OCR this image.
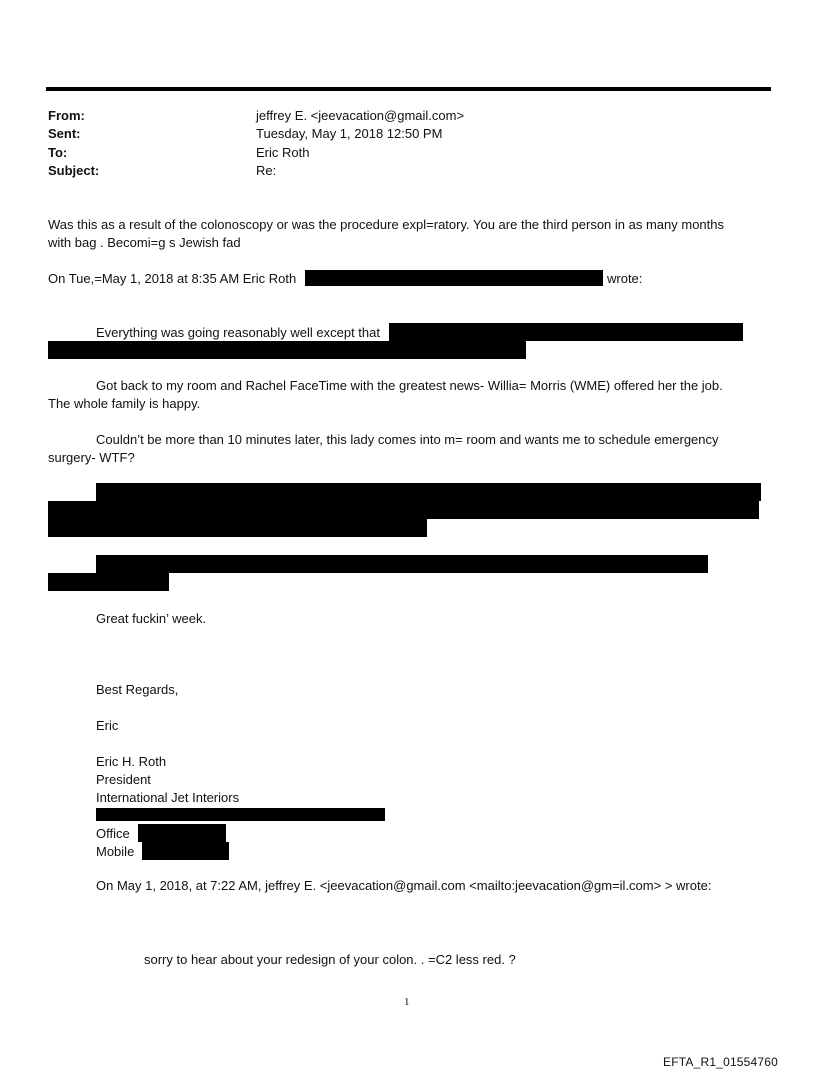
From:	jeffrey E. <jeevacation@gmail.com>
Sent:	Tuesday, May 1, 2018 12:50 PM
To:	Eric Roth
Subject:	Re:
Was this as a result of the colonoscopy or was the procedure expl=ratory. You are the third person in as many months
with bag . Becomi=g s Jewish fad
On Tue,=May 1, 2018 at 8:35 AM Eric Roth	wrote:
Everything was going reasonably well except that
Got back to my room and Rachel FaceTime with the greatest news- Willia= Morris (WME) offered her the job.
The whole family is happy.
Couldn’t be more than 10 minutes later, this lady comes into m= room and wants me to schedule emergency
surgery- WTF?
Great fuckin’ week.
Best Regards,
Eric
Eric H. Roth
President
International Jet Interiors
Office
Mobile
On May 1, 2018, at 7:22 AM, jeffrey E. <jeevacation@gmail.com <mailto:jeevacation@gm=il.com> > wrote:
sorry to hear about your redesign of your colon. . =C2 less red. ?
1
EFTA_R1_01554760
